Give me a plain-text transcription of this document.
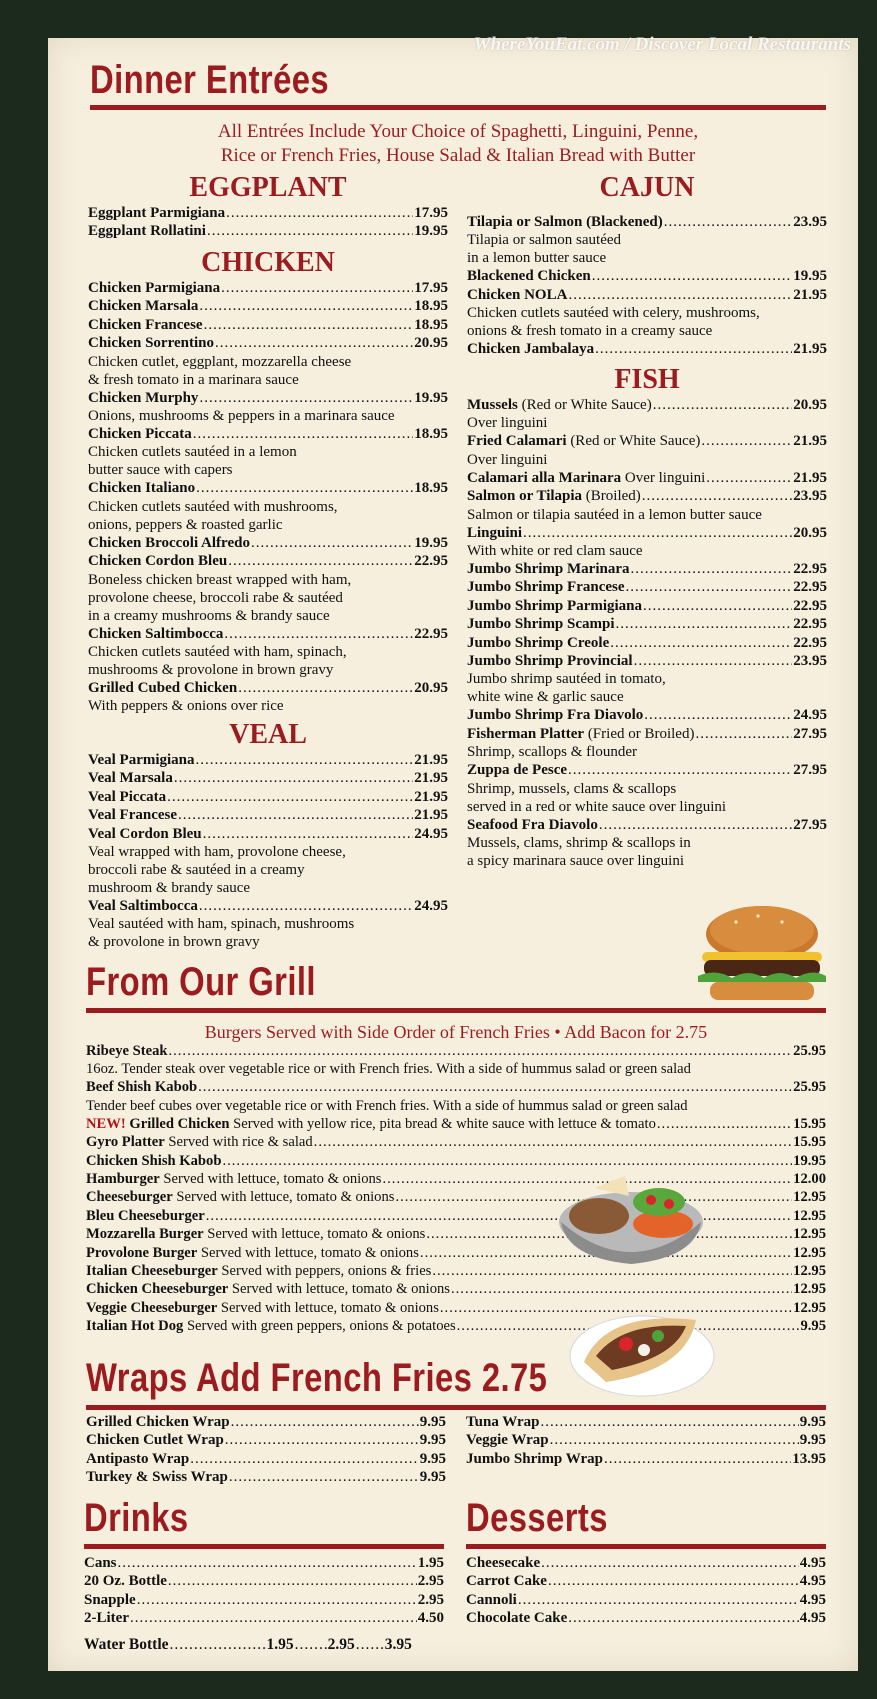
WhereYouEat.com / Discover Local Restaurants
Dinner Entrées
All Entrées Include Your Choice of Spaghetti, Linguini, Penne,
Rice or French Fries, House Salad & Italian Bread with Butter
EGGPLANT
Eggplant Parmigiana .....	17.95
Eggplant Rollatini .....	19.95
CHICKEN
Chicken Parmigiana .....	17.95
Chicken Marsala .....	18.95
Chicken Francese .....	18.95
Chicken Sorrentino .....	20.95
Chicken cutlet, eggplant, mozzarella cheese
& fresh tomato in a marinara sauce
Chicken Murphy .....	19.95
Onions, mushrooms & peppers in a marinara sauce
Chicken Piccata .....	18.95
Chicken cutlets sautéed in a lemon
butter sauce with capers
Chicken Italiano .....	18.95
Chicken cutlets sautéed with mushrooms,
onions, peppers & roasted garlic
Chicken Broccoli Alfredo .....	19.95
Chicken Cordon Bleu .....	22.95
Boneless chicken breast wrapped with ham,
provolone cheese, broccoli rabe & sautéed
in a creamy mushrooms & brandy sauce
Chicken Saltimbocca .....	22.95
Chicken cutlets sautéed with ham, spinach,
mushrooms & provolone in brown gravy
Grilled Cubed Chicken .....	20.95
With peppers & onions over rice
VEAL
Veal Parmigiana .....	21.95
Veal Marsala .....	21.95
Veal Piccata .....	21.95
Veal Francese .....	21.95
Veal Cordon Bleu .....	24.95
Veal wrapped with ham, provolone cheese,
broccoli rabe & sautéed in a creamy
mushroom & brandy sauce
Veal Saltimbocca .....	24.95
Veal sautéed with ham, spinach, mushrooms
& provolone in brown gravy
CAJUN
Tilapia or Salmon (Blackened) .....	23.95
Tilapia or salmon sautéed
in a lemon butter sauce
Blackened Chicken .....	19.95
Chicken NOLA .....	21.95
Chicken cutlets sautéed with celery, mushrooms,
onions & fresh tomato in a creamy sauce
Chicken Jambalaya .....	21.95
FISH
Mussels (Red or White Sauce) .....	20.95
Over linguini
Fried Calamari (Red or White Sauce) .....	21.95
Over linguini
Calamari alla Marinara Over linguini .....	21.95
Salmon or Tilapia (Broiled) .....	23.95
Salmon or tilapia sautéed in a lemon butter sauce
Linguini .....	20.95
With white or red clam sauce
Jumbo Shrimp Marinara .....	22.95
Jumbo Shrimp Francese .....	22.95
Jumbo Shrimp Parmigiana .....	22.95
Jumbo Shrimp Scampi .....	22.95
Jumbo Shrimp Creole .....	22.95
Jumbo Shrimp Provincial .....	23.95
Jumbo shrimp sautéed in tomato,
white wine & garlic sauce
Jumbo Shrimp Fra Diavolo .....	24.95
Fisherman Platter (Fried or Broiled) .....	27.95
Shrimp, scallops & flounder
Zuppa de Pesce .....	27.95
Shrimp, mussels, clams & scallops
served in a red or white sauce over linguini
Seafood Fra Diavolo .....	27.95
Mussels, clams, shrimp & scallops in
a spicy marinara sauce over linguini
From Our Grill
Burgers Served with Side Order of French Fries • Add Bacon for 2.75
Ribeye Steak .....	25.95
16oz. Tender steak over vegetable rice or with French fries. With a side of hummus salad or green salad
Beef Shish Kabob .....	25.95
Tender beef cubes over vegetable rice or with French fries. With a side of hummus salad or green salad
NEW!
Grilled Chicken Served with yellow rice, pita bread & white sauce with lettuce & tomato .....	15.95
Gyro Platter Served with rice & salad .....	15.95
Chicken Shish Kabob .....	19.95
Hamburger Served with lettuce, tomato & onions .....	12.00
Cheeseburger Served with lettuce, tomato & onions .....	12.95
Bleu Cheeseburger .....	12.95
Mozzarella Burger Served with lettuce, tomato & onions .....	12.95
Provolone Burger Served with lettuce, tomato & onions .....	12.95
Italian Cheeseburger Served with peppers, onions & fries .....	12.95
Chicken Cheeseburger Served with lettuce, tomato & onions .....	12.95
Veggie Cheeseburger Served with lettuce, tomato & onions .....	12.95
Italian Hot Dog Served with green peppers, onions & potatoes .....	9.95
Wraps Add French Fries 2.75
Grilled Chicken Wrap .....	9.95
Chicken Cutlet Wrap .....	9.95
Antipasto Wrap .....	9.95
Turkey & Swiss Wrap .....	9.95
Tuna Wrap .....	9.95
Veggie Wrap .....	9.95
Jumbo Shrimp Wrap .....	13.95
Drinks
Cans .....	1.95
20 Oz. Bottle .....	2.95
Snapple .....	2.95
2-Liter .....	4.50
Water Bottle .....	1.95 ..... 2.95 ..... 3.95
Desserts
Cheesecake .....	4.95
Carrot Cake .....	4.95
Cannoli .....	4.95
Chocolate Cake .....	4.95
